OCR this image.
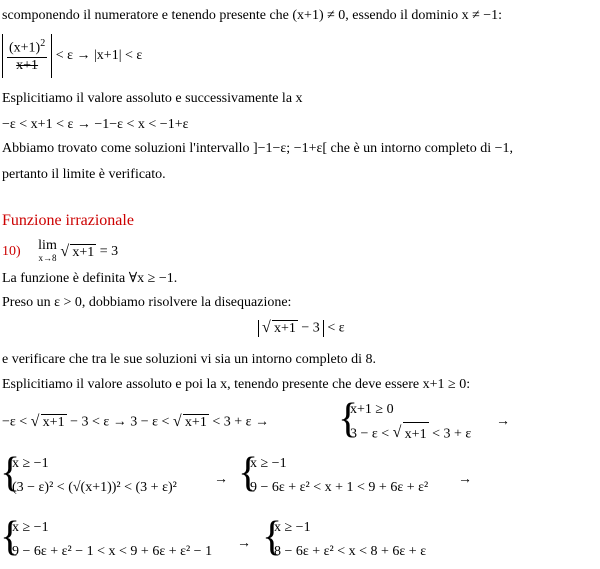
scomponendo il numeratore e tenendo presente che (x+1) ≠ 0, essendo il dominio x ≠ −1:
$\frac{(x+1)^2}{x+1} < \varepsilon \to |x+1| < \varepsilon$
Esplicitiamo il valore assoluto e successivamente la x
−ε < x+1 < ε → −1−ε < x < −1+ε
Abbiamo trovato come soluzioni l'intervallo ]−1−ε; −1+ε[ che è un intorno completo di −1,
pertanto il limite è verificato.
Funzione irrazionale
10) lim
x→8
√ x+1 = 3
La funzione è definita ∀x ≥ −1.
Preso un ε > 0, dobbiamo risolvere la disequazione:
√ x+1 − 3 < ε
e verificare che tra le sue soluzioni vi sia un intorno completo di 8.
Esplicitiamo il valore assoluto e poi la x, tenendo presente che deve essere x+1 ≥ 0:
−ε < √ x+1 − 3 < ε → 3 − ε < √ x+1 < 3 + ε → {
x+1 ≥ 0
3 − ε < √ x+1 < 3 + ε
→
{
x ≥ −1
(3 − ε)² < (√(x+1))² < (3 + ε)²
→ {
x ≥ −1
9 − 6ε + ε² < x + 1 < 9 + 6ε + ε²
→
{
x ≥ −1
9 − 6ε + ε² − 1 < x < 9 + 6ε + ε² − 1
→ {
x ≥ −1
8 − 6ε + ε² < x < 8 + 6ε + ε
